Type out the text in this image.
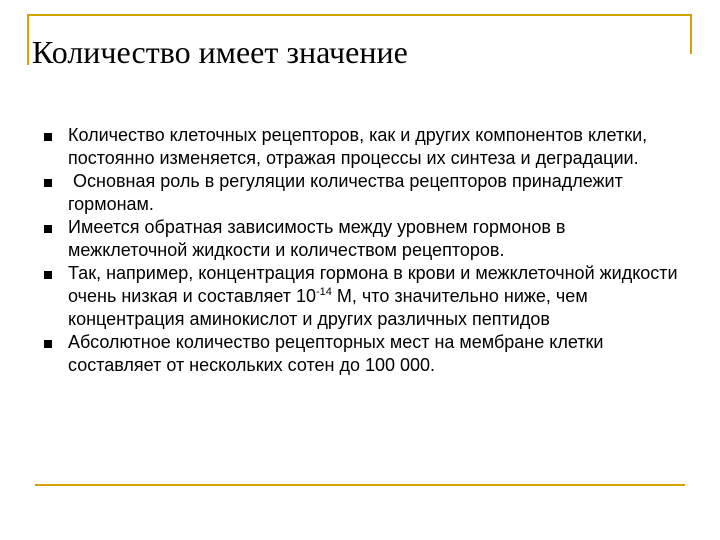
Количество имеет значение
Количество клеточных рецепторов, как и других компонентов клетки, постоянно изменяется, отражая процессы их синтеза и деградации.
Основная роль в регуляции количества рецепторов принадлежит гормонам.
Имеется обратная зависимость между уровнем гормонов в межклеточной жидкости и количеством рецепторов.
Так, например, концентрация гормона в крови и межклеточной жидкости очень низкая и составляет $10^{-14}$ М, что значительно ниже, чем концентрация аминокислот и других различных пептидов
Абсолютное количество рецепторных мест на мембране клетки составляет от нескольких сотен до 100 000.
